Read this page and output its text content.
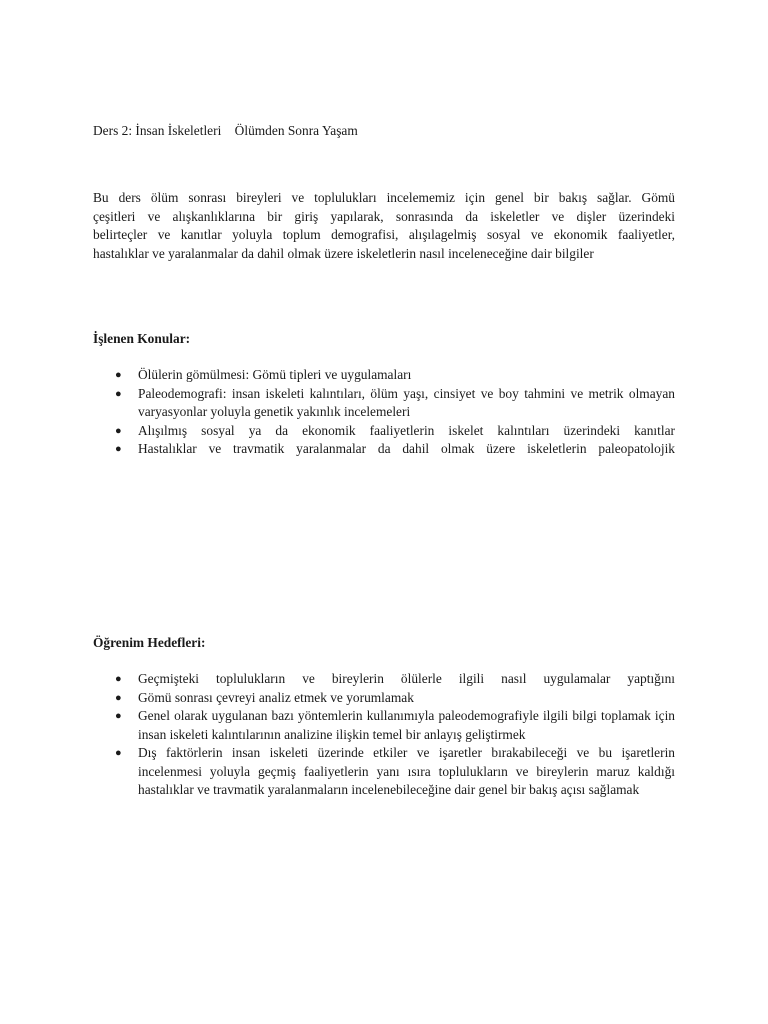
Ders 2: İnsan İskeletleri    Ölümden Sonra Yaşam

Bu ders ölüm sonrası bireyleri ve toplulukları incelememiz için genel bir bakış sağlar. Gömü
çeşitleri ve alışkanlıklarına bir giriş yapılarak, sonrasında da iskeletler ve dişler üzerindeki
belirteçler ve kanıtlar yoluyla toplum demografisi, alışılagelmiş sosyal ve ekonomik faaliyetler,
hastalıklar ve yaralanmalar da dahil olmak üzere iskeletlerin nasıl inceleneceğine dair bilgiler

İşlenen Konular:
● Ölülerin gömülmesi: Gömü tipleri ve uygulamaları
● Paleodemografi: insan iskeleti kalıntıları, ölüm yaşı, cinsiyet ve boy tahmini ve metrik olmayan varyasyonlar yoluyla genetik yakınlık incelemeleri
● Alışılmış sosyal ya da ekonomik faaliyetlerin iskelet kalıntıları üzerindeki kanıtlar
● Hastalıklar ve travmatik yaralanmalar da dahil olmak üzere iskeletlerin paleopatolojik
Öğrenim Hedefleri:
● Geçmişteki toplulukların ve bireylerin ölülerle ilgili nasıl uygulamalar yaptığını
● Gömü sonrası çevreyi analiz etmek ve yorumlamak
● Genel olarak uygulanan bazı yöntemlerin kullanımıyla paleodemografiyle ilgili bilgi toplamak için insan iskeleti kalıntılarının analizine ilişkin temel bir anlayış geliştirmek
● Dış faktörlerin insan iskeleti üzerinde etkiler ve işaretler bırakabileceği ve bu işaretlerin incelenmesi yoluyla geçmiş faaliyetlerin yanı ısıra toplulukların ve bireylerin maruz kaldığı hastalıklar ve travmatik yaralanmaların incelenebileceğine dair genel bir bakış açısı sağlamak
